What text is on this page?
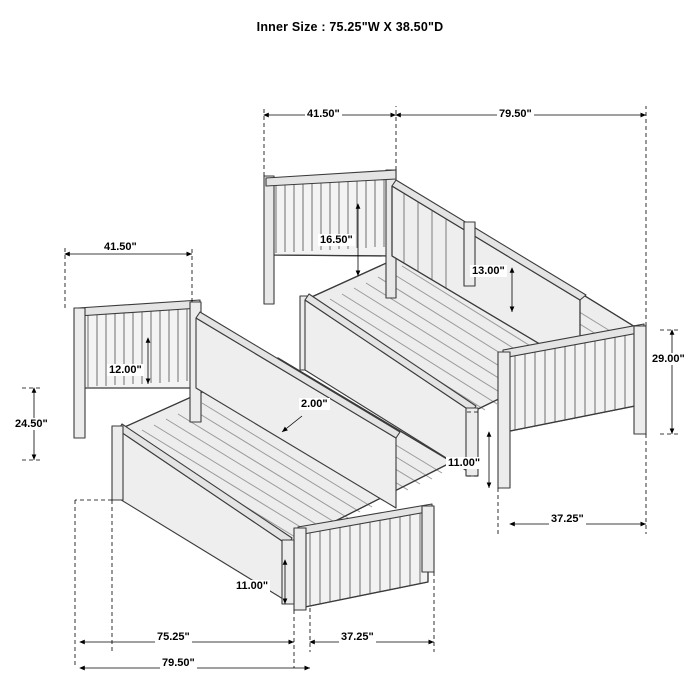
Inner Size : 75.25"W X 38.50"D
41.50"	79.50"
16.50"
13.00"
29.00"
11.00"
37.25"
41.50"
12.00"
24.50"
2.00"
11.00"
75.25"	37.25"
79.50"
